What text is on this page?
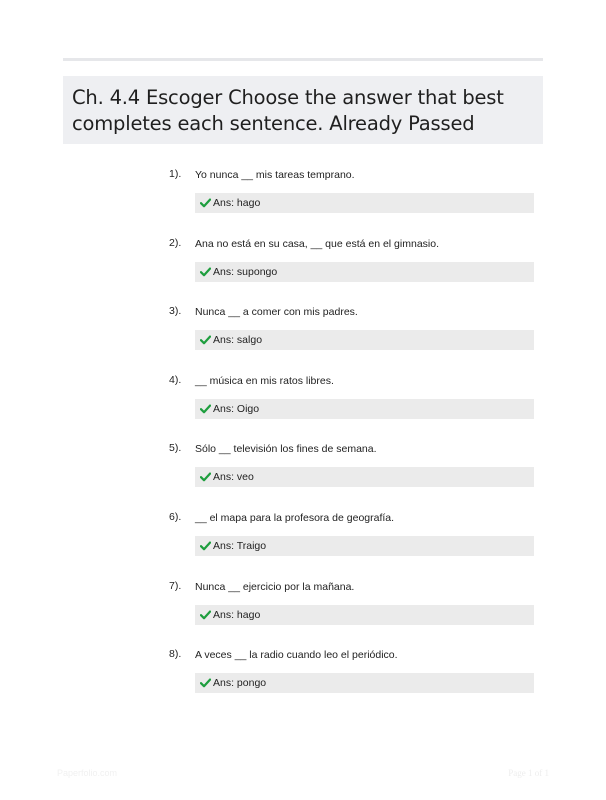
Ch. 4.4 Escoger Choose the answer that best completes each sentence. Already Passed
1). Yo nunca __ mis tareas temprano.
Ans: hago
2). Ana no está en su casa, __ que está en el gimnasio.
Ans: supongo
3). Nunca __ a comer con mis padres.
Ans: salgo
4). __ música en mis ratos libres.
Ans: Oigo
5). Sólo __ televisión los fines de semana.
Ans: veo
6). __ el mapa para la profesora de geografía.
Ans: Traigo
7). Nunca __ ejercicio por la mañana.
Ans: hago
8). A veces __ la radio cuando leo el periódico.
Ans: pongo
Paperfolio.com	Page 1 of 1
